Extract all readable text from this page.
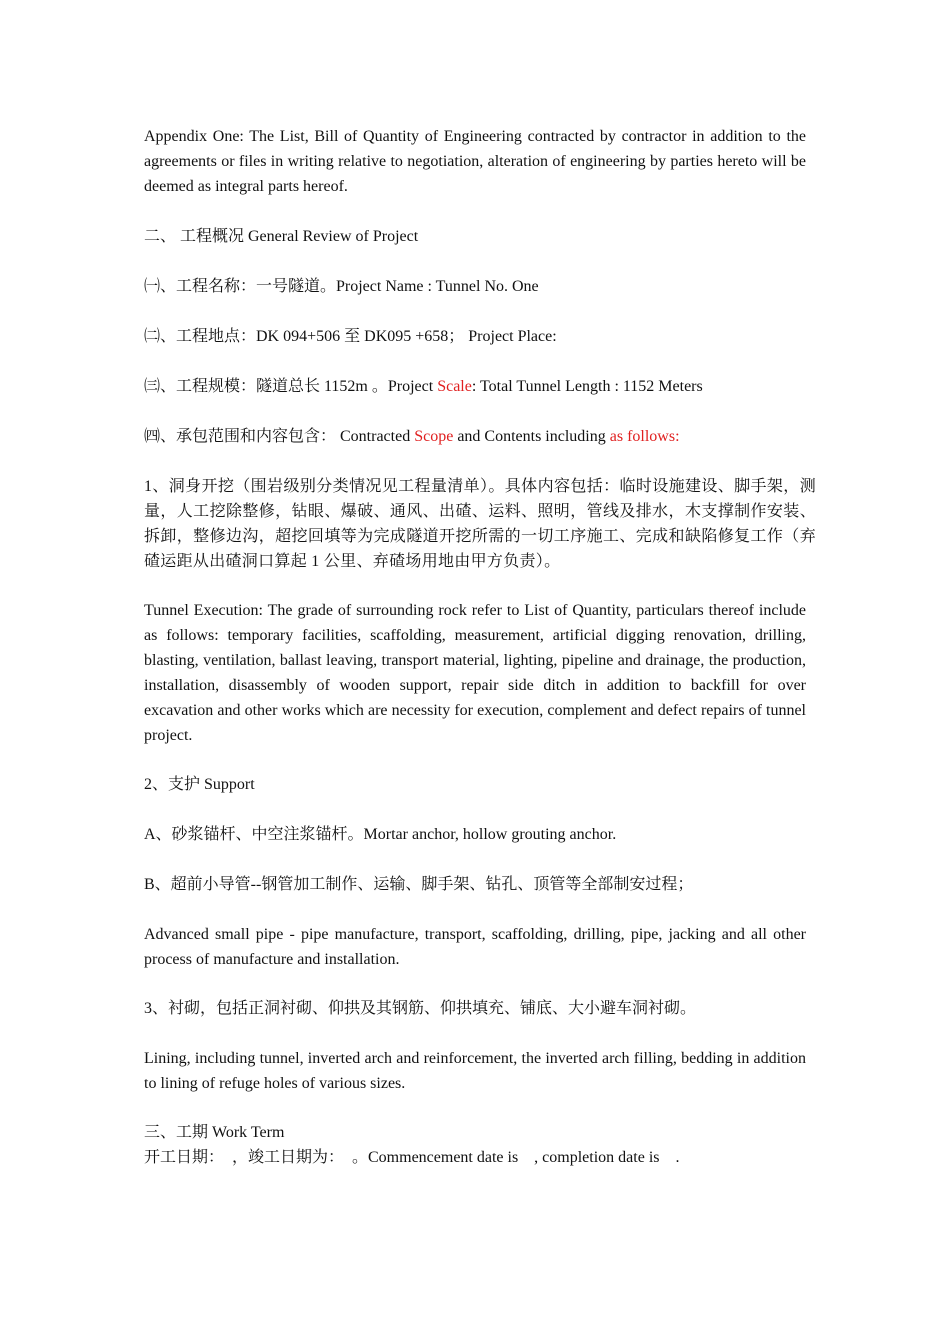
Appendix One: The List, Bill of Quantity of Engineering contracted by contractor in addition to the agreements or files in writing relative to negotiation, alteration of engineering by parties hereto will be deemed as integral parts hereof.

二、 工程概况 General Review of Project

㈠、工程名称：一号隧道。Project Name : Tunnel No. One

㈡、工程地点：DK 094+506 至 DK095 +658； Project Place:

㈢、工程规模：隧道总长 1152m 。Project Scale: Total Tunnel Length : 1152 Meters

㈣、承包范围和内容包含： Contracted Scope and Contents including as follows:

1、洞身开挖（围岩级别分类情况见工程量清单）。具体内容包括：临时设施建设、脚手架，测量，人工挖除整修，钻眼、爆破、通风、出碴、运料、照明，管线及排水，木支撑制作安装、拆卸，整修边沟，超挖回填等为完成隧道开挖所需的一切工序施工、完成和缺陷修复工作（弃碴运距从出碴洞口算起 1 公里、弃碴场用地由甲方负责）。

Tunnel Execution: The grade of surrounding rock refer to List of Quantity, particulars thereof include as follows: temporary facilities, scaffolding, measurement, artificial digging renovation, drilling, blasting, ventilation, ballast leaving, transport material, lighting, pipeline and drainage, the production, installation, disassembly of wooden support, repair side ditch in addition to backfill for over excavation and other works which are necessity for execution, complement and defect repairs of tunnel project.

2、支护 Support

A、砂浆锚杆、中空注浆锚杆。Mortar anchor, hollow grouting anchor.

B、超前小导管--钢管加工制作、运输、脚手架、钻孔、顶管等全部制安过程；

Advanced small pipe - pipe manufacture, transport, scaffolding, drilling, pipe, jacking and all other process of manufacture and installation.

3、衬砌，包括正洞衬砌、仰拱及其钢筋、仰拱填充、铺底、大小避车洞衬砌。

Lining, including tunnel, inverted arch and reinforcement, the inverted arch filling, bedding in addition to lining of refuge holes of various sizes.

三、工期 Work Term

开工日期：　，竣工日期为：　。Commencement date is　, completion date is　.
